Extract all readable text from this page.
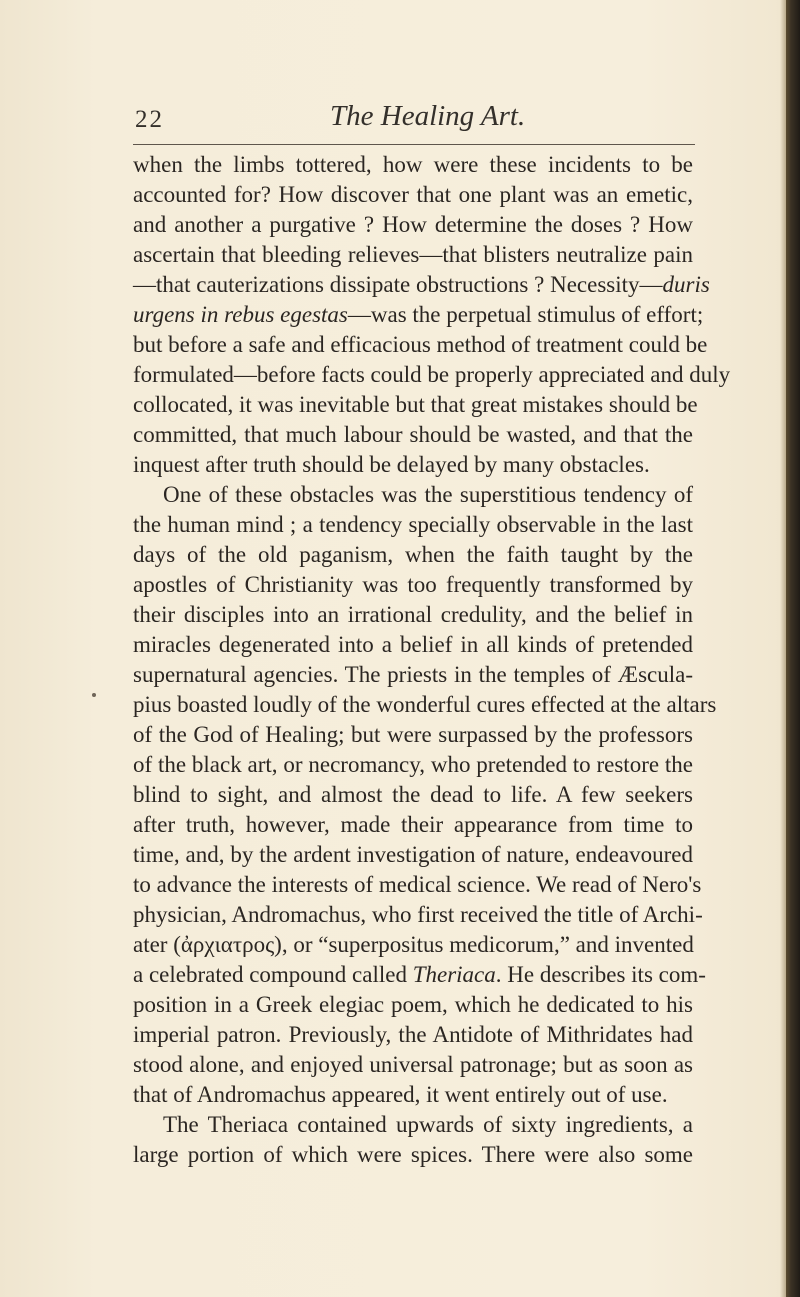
22	The Healing Art.
when the limbs tottered, how were these incidents to be
accounted for? How discover that one plant was an emetic,
and another a purgative ? How determine the doses ? How
ascertain that bleeding relieves—that blisters neutralize pain
—that cauterizations dissipate obstructions ? Necessity—duris
urgens in rebus egestas—was the perpetual stimulus of effort;
but before a safe and efficacious method of treatment could be
formulated—before facts could be properly appreciated and duly
collocated, it was inevitable but that great mistakes should be
committed, that much labour should be wasted, and that the
inquest after truth should be delayed by many obstacles.
One of these obstacles was the superstitious tendency of
the human mind ; a tendency specially observable in the last
days of the old paganism, when the faith taught by the
apostles of Christianity was too frequently transformed by
their disciples into an irrational credulity, and the belief in
miracles degenerated into a belief in all kinds of pretended
supernatural agencies. The priests in the temples of Æscula-
pius boasted loudly of the wonderful cures effected at the altars
of the God of Healing; but were surpassed by the professors
of the black art, or necromancy, who pretended to restore the
blind to sight, and almost the dead to life. A few seekers
after truth, however, made their appearance from time to
time, and, by the ardent investigation of nature, endeavoured
to advance the interests of medical science. We read of Nero's
physician, Andromachus, who first received the title of Archi-
ater (ἀρχιατρος), or “superpositus medicorum,” and invented
a celebrated compound called Theriaca. He describes its com-
position in a Greek elegiac poem, which he dedicated to his
imperial patron. Previously, the Antidote of Mithridates had
stood alone, and enjoyed universal patronage; but as soon as
that of Andromachus appeared, it went entirely out of use.
The Theriaca contained upwards of sixty ingredients, a
large portion of which were spices. There were also some
